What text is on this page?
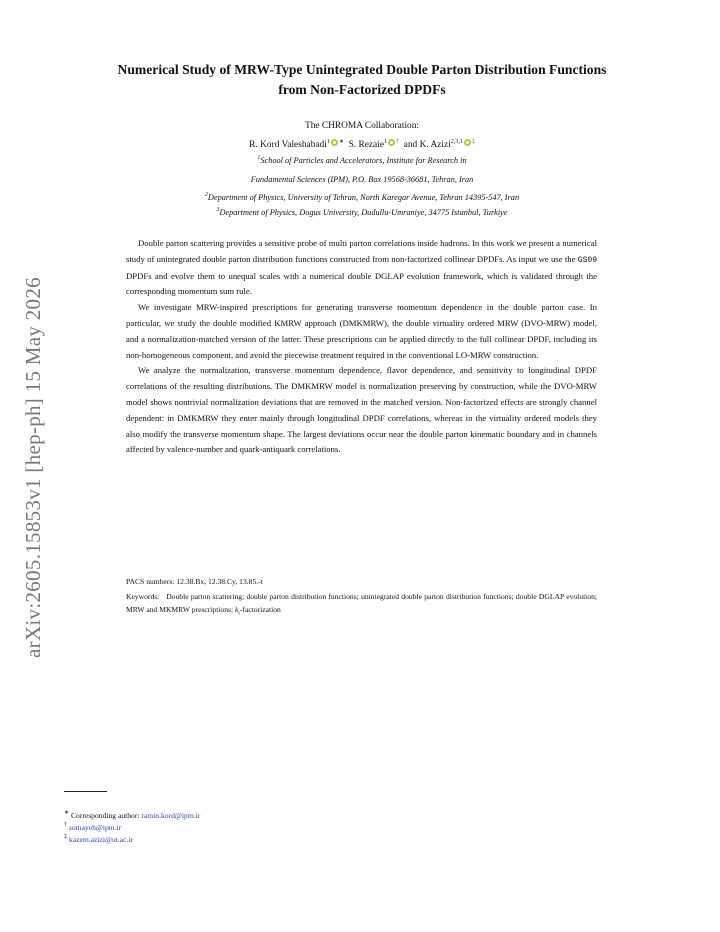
arXiv:2605.15853v1 [hep-ph] 15 May 2026
Numerical Study of MRW-Type Unintegrated Double Parton Distribution Functions
from Non-Factorized DPDFs
The CHROMA Collaboration:
R. Kord Valeshabadi$^1$ ∗ S. Rezaie$^1$ † and K. Azizi$^{2,3,1}$ ‡
$^1$School of Particles and Accelerators, Institute for Research in
Fundamental Sciences (IPM), P.O. Box 19568-36681, Tehran, Iran
$^2$Department of Physics, University of Tehran, North Karegar Avenue, Tehran 14395-547, Iran
$^3$Department of Physics, Dogus University, Dudullu-Umraniye, 34775 Istanbul, Turkiye

Double parton scattering provides a sensitive probe of multi parton correlations inside hadrons. In this work we present a numerical study of unintegrated double parton distribution functions constructed from non-factorized collinear DPDFs. As input we use the GS09 DPDFs and evolve them to unequal scales with a numerical double DGLAP evolution framework, which is validated through the corresponding momentum sum rule.

We investigate MRW-inspired prescriptions for generating transverse momentum dependence in the double parton case. In particular, we study the double modified KMRW approach (DMKMRW), the double virtuality ordered MRW (DVO-MRW) model, and a normalization-matched version of the latter. These prescriptions can be applied directly to the full collinear DPDF, including its non-homogeneous component, and avoid the piecewise treatment required in the conventional LO-MRW construction.

We analyze the normalization, transverse momentum dependence, flavor dependence, and sensitivity to longitudinal DPDF correlations of the resulting distributions. The DMKMRW model is normalization preserving by construction, while the DVO-MRW model shows nontrivial normalization deviations that are removed in the matched version. Non-factorized effects are strongly channel dependent: in DMKMRW they enter mainly through longitudinal DPDF correlations, whereas in the virtuality ordered models they also modify the transverse momentum shape. The largest deviations occur near the double parton kinematic boundary and in channels affected by valence-number and quark-antiquark correlations.

PACS numbers: 12.38.Bx, 12.38.Cy, 13.85.-t
Keywords: Double parton scattering; double parton distribution functions; unintegrated double parton distribution functions; double DGLAP evolution; MRW and MKMRW prescriptions; $k_t$-factorization
∗ Corresponding author: ramin.kord@ipm.ir
† somayeh@ipm.ir
‡ kazem.azizi@ut.ac.ir
